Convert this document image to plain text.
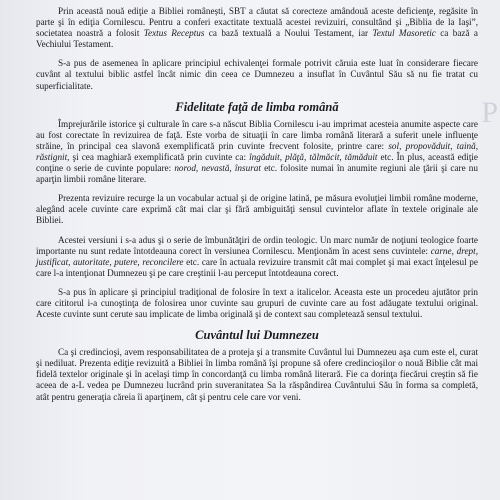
P

Prin această nouă ediţie a Bibliei românești, SBT a căutat să corecteze amândouă aceste deficienţe, regăsite în parte şi în ediţia Cornilescu. Pentru a conferi exactitate textuală acestei revizuiri, consultând şi „Biblia de la Iaşi”, societatea noastră a folosit Textus Receptus ca bază textuală a Noului Testament, iar Textul Masoretic ca bază a Vechiului Testament.

S-a pus de asemenea în aplicare principiul echivalenţei formale potrivit căruia este luat în considerare fiecare cuvânt al textului biblic astfel încât nimic din ceea ce Dumnezeu a insuflat în Cuvântul Său să nu fie tratat cu superficialitate.

Fidelitate faţă de limba română

Împrejurările istorice şi culturale în care s-a născut Biblia Cornilescu i-au imprimat acesteia anumite aspecte care au fost corectate în revizuirea de faţă. Este vorba de situaţii în care limba română literară a suferit unele influenţe străine, în principal cea slavonă exemplificată prin cuvinte frecvent folosite, printre care: sol, propovăduit, taină, răstignit, şi cea maghiară exemplificată prin cuvinte ca: îngăduit, plăţă, tălmăcit, tămăduit etc. În plus, această ediţie conţine o serie de cuvinte populare: norod, nevastă, însurat etc. folosite numai în anumite regiuni ale ţării şi care nu aparţin limbii române literare.

Prezenta revizuire recurge la un vocabular actual şi de origine latină, pe măsura evoluţiei limbii române moderne, alegând acele cuvinte care exprimă cât mai clar şi fără ambiguităţi sensul cuvintelor aflate în textele originale ale Bibliei.

Acestei versiuni i s-a adus şi o serie de îmbunătăţiri de ordin teologic. Un marc număr de noţiuni teologice foarte importante nu sunt redate întotdeauna corect în versiunea Cornilescu. Menţionăm în acest sens cuvintele: carne, drept, justificat, autoritate, putere, reconcilere etc. care în actuala revizuire transmit cât mai complet şi mai exact înţelesul pe care l-a intenţionat Dumnezeu şi pe care creştinii l-au perceput întotdeauna corect.

S-a pus în aplicare şi principiul tradiţional de folosire în text a italicelor. Aceasta este un procedeu ajutător prin care cititorul i-a cunoştinţa de folosirea unor cuvinte sau grupuri de cuvinte care au fost adăugate textului original. Aceste cuvinte sunt cerute sau implicate de limba originală şi de context sau completează sensul textului.

Cuvântul lui Dumnezeu

Ca şi credincioşi, avem responsabilitatea de a proteja şi a transmite Cuvântul lui Dumnezeu aşa cum este el, curat şi nediluat. Prezenta ediţie revizuită a Bibliei în limba română îşi propune să ofere credincioşilor o nouă Biblie cât mai fidelă textelor originale şi în acelaşi timp în concordanţă cu limba română literară. Fie ca dorinţa fiecărui creştin să fie aceea de a-L vedea pe Dumnezeu lucrând prin suveranitatea Sa la răspândirea Cuvântului Său în forma sa completă, atât pentru generaţia căreia îi aparţinem, cât şi pentru cele care vor veni.
